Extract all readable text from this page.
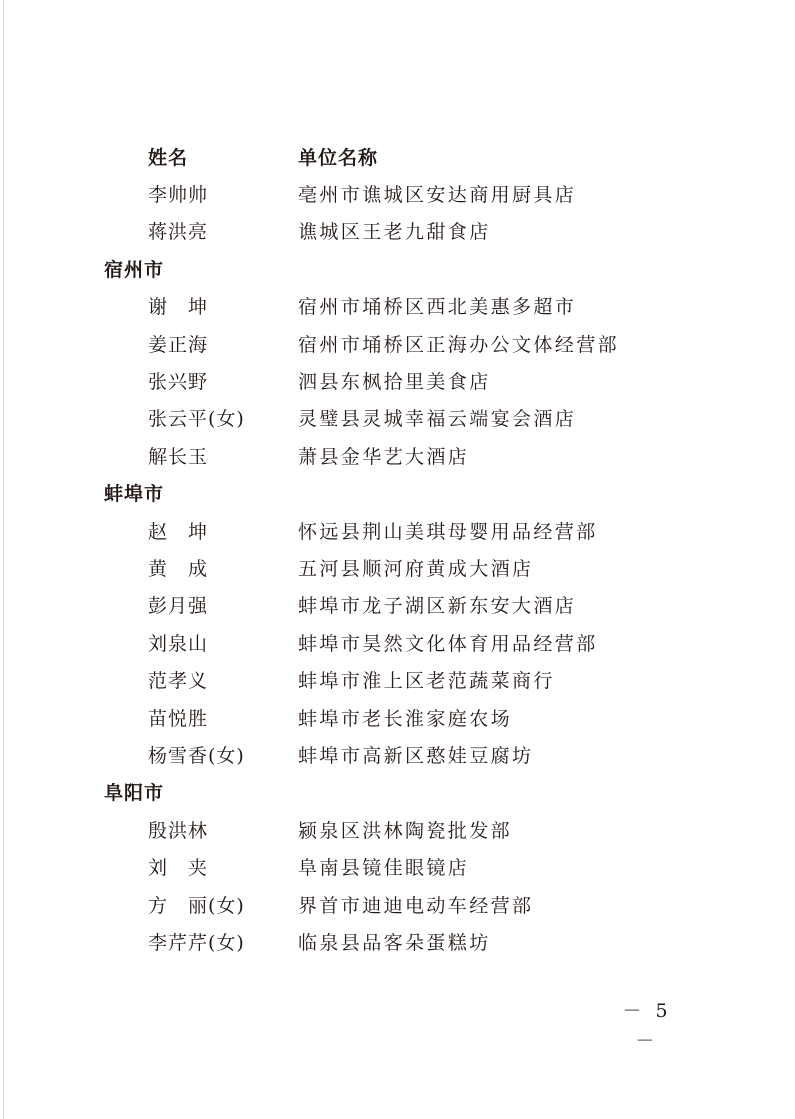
姓名	单位名称
李帅帅	亳州市谯城区安达商用厨具店
蒋洪亮	谯城区王老九甜食店
宿州市
谢　坤	宿州市埇桥区西北美惠多超市
姜正海	宿州市埇桥区正海办公文体经营部
张兴野	泗县东枫拾里美食店
张云平(女)	灵璧县灵城幸福云端宴会酒店
解长玉	萧县金华艺大酒店
蚌埠市
赵　坤	怀远县荆山美琪母婴用品经营部
黄　成	五河县顺河府黄成大酒店
彭月强	蚌埠市龙子湖区新东安大酒店
刘泉山	蚌埠市昊然文化体育用品经营部
范孝义	蚌埠市淮上区老范蔬菜商行
苗悦胜	蚌埠市老长淮家庭农场
杨雪香(女)	蚌埠市高新区憨娃豆腐坊
阜阳市
殷洪林	颍泉区洪林陶瓷批发部
刘　夹	阜南县镜佳眼镜店
方　丽(女)	界首市迪迪电动车经营部
李芹芹(女)	临泉县品客朵蛋糕坊
－ 5 －
